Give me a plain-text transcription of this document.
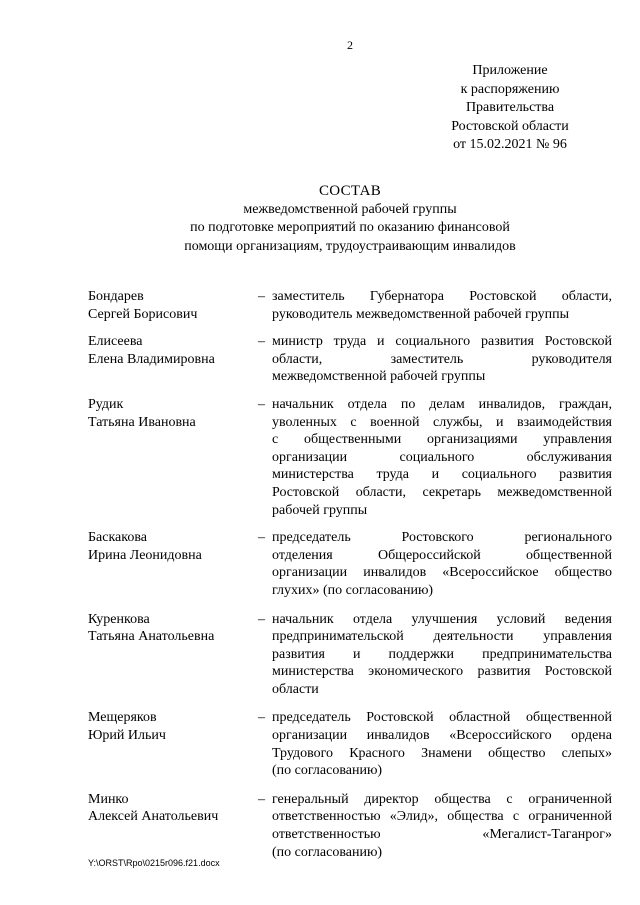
2
Приложение
к распоряжению
Правительства
Ростовской области
от 15.02.2021 № 96
СОСТАВ
межведомственной рабочей группы
по подготовке мероприятий по оказанию финансовой
помощи организациям, трудоустраивающим инвалидов
Бондарев
Сергей Борисович
– заместитель Губернатора Ростовской области,
руководитель межведомственной рабочей группы
Елисеева
Елена Владимировна
– министр труда и социального развития Ростовской
области, заместитель руководителя
межведомственной рабочей группы
Рудик
Татьяна Ивановна
– начальник отдела по делам инвалидов, граждан,
уволенных с военной службы, и взаимодействия
с общественными организациями управления
организации социального обслуживания
министерства труда и социального развития
Ростовской области, секретарь межведомственной
рабочей группы
Баскакова
Ирина Леонидовна
– председатель Ростовского регионального
отделения Общероссийской общественной
организации инвалидов «Всероссийское общество
глухих» (по согласованию)
Куренкова
Татьяна Анатольевна
– начальник отдела улучшения условий ведения
предпринимательской деятельности управления
развития и поддержки предпринимательства
министерства экономического развития Ростовской
области
Мещеряков
Юрий Ильич
– председатель Ростовской областной общественной
организации инвалидов «Всероссийского ордена
Трудового Красного Знамени общество слепых»
(по согласованию)
Минко
Алексей Анатольевич
– генеральный директор общества с ограниченной
ответственностью «Элид», общества с ограниченной
ответственностью «Мегалист-Таганрог»
(по согласованию)
Y:\ORST\Rpo\0215r096.f21.docx
